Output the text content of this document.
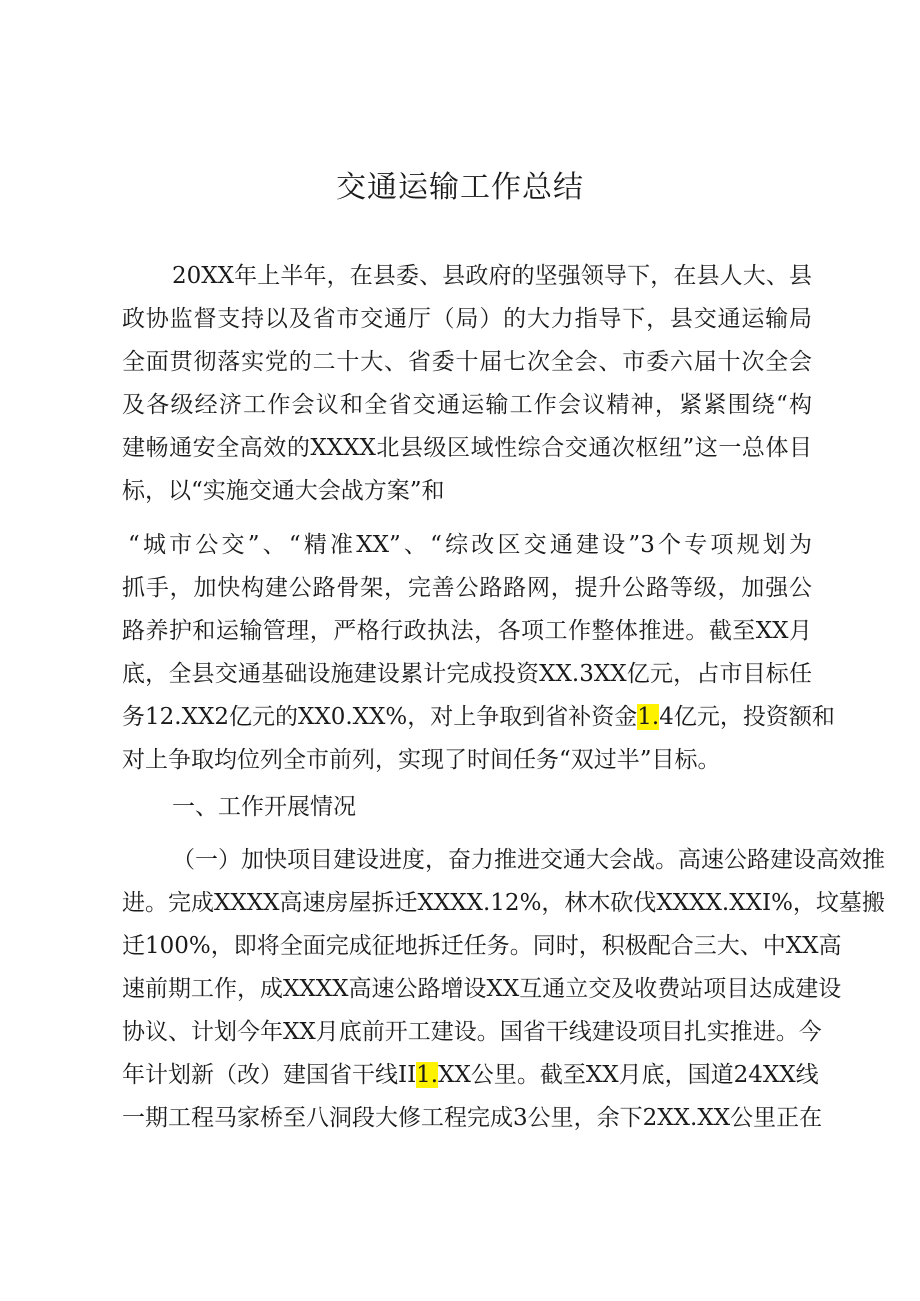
交通运输工作总结
20XX年上半年，在县委、县政府的坚强领导下，在县人大、县
政协监督支持以及省市交通厅（局）的大力指导下，县交通运输局
全面贯彻落实党的二十大、省委十届七次全会、市委六届十次全会
及各级经济工作会议和全省交通运输工作会议精神，紧紧围绕“构
建畅通安全高效的XXXX北县级区域性综合交通次枢纽”这一总体目
标，以“实施交通大会战方案”和
“城市公交”、“精准XX”、“综改区交通建设”3个专项规划为
抓手，加快构建公路骨架，完善公路路网，提升公路等级，加强公
路养护和运输管理，严格行政执法，各项工作整体推进。截至XX月
底，全县交通基础设施建设累计完成投资XX.3XX亿元，占市目标任
务12.XX2亿元的XX0.XX%，对上争取到省补资金1.4亿元，投资额和
对上争取均位列全市前列，实现了时间任务“双过半”目标。
一、工作开展情况
（一）加快项目建设进度，奋力推进交通大会战。高速公路建设高效推
进。完成XXXX高速房屋拆迁XXXX.12%，林木砍伐XXXX.XXI%，坟墓搬
迁100%，即将全面完成征地拆迁任务。同时，积极配合三大、中XX高
速前期工作，成XXXX高速公路增设XX互通立交及收费站项目达成建设
协议、计划今年XX月底前开工建设。国省干线建设项目扎实推进。今
年计划新（改）建国省干线II1.XX公里。截至XX月底，国道24XX线
一期工程马家桥至八洞段大修工程完成3公里，余下2XX.XX公里正在
